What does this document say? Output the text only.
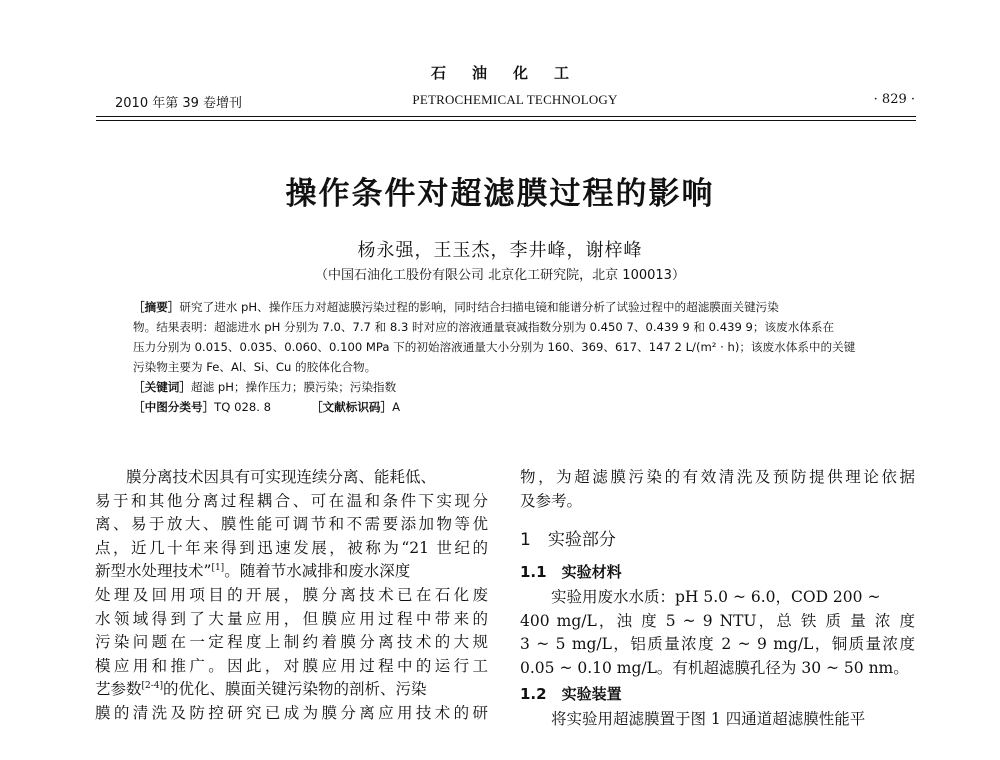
石油化工
2010 年第 39 卷增刊	PETROCHEMICAL TECHNOLOGY	· 829 ·
操作条件对超滤膜过程的影响
杨永强，王玉杰，李井峰，谢梓峰
（中国石油化工股份有限公司 北京化工研究院，北京 100013）
［摘要］研究了进水 pH、操作压力对超滤膜污染过程的影响，同时结合扫描电镜和能谱分析了试验过程中的超滤膜面关键污染
物。结果表明：超滤进水 pH 分别为 7.0、7.7 和 8.3 时对应的溶液通量衰减指数分别为 0.450 7、0.439 9 和 0.439 9；该废水体系在
压力分别为 0.015、0.035、0.060、0.100 MPa 下的初始溶液通量大小分别为 160、369、617、147 2 L/(m² · h)；该废水体系中的关键
污染物主要为 Fe、Al、Si、Cu 的胶体化合物。
［关键词］超滤 pH；操作压力；膜污染；污染指数
［中图分类号］TQ 028. 8	［文献标识码］A
膜分离技术因具有可实现连续分离、能耗低、
易于和其他分离过程耦合、可在温和条件下实现分
离、易于放大、膜性能可调节和不需要添加物等优
点，近几十年来得到迅速发展，被称为“21 世纪的
新型水处理技术”[1]。随着节水减排和废水深度
处理及回用项目的开展，膜分离技术已在石化废
水领域得到了大量应用，但膜应用过程中带来的
污染问题在一定程度上制约着膜分离技术的大规
模应用和推广。因此，对膜应用过程中的运行工
艺参数[2-4]的优化、膜面关键污染物的剖析、污染
膜的清洗及防控研究已成为膜分离应用技术的研
物，为超滤膜污染的有效清洗及预防提供理论依据
及参考。
1　实验部分
1.1　实验材料
实验用废水水质：pH 5.0 ~ 6.0，COD 200 ~
400 mg/L，浊 度 5 ~ 9 NTU，总 铁 质 量 浓 度
3 ~ 5 mg/L，铝质量浓度 2 ~ 9 mg/L，铜质量浓度
0.05 ~ 0.10 mg/L。有机超滤膜孔径为 30 ~ 50 nm。
1.2　实验装置
将实验用超滤膜置于图 1 四通道超滤膜性能平
